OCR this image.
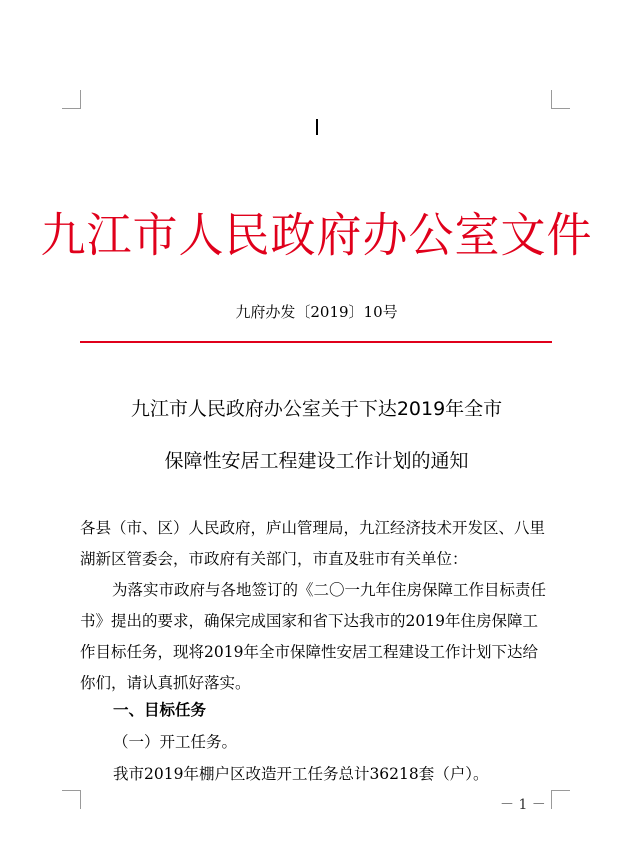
九江市人民政府办公室文件
九府办发〔2019〕10号
九江市人民政府办公室关于下达2019年全市
保障性安居工程建设工作计划的通知

各县（市、区）人民政府，庐山管理局，九江经济技术开发区、八里湖新区管委会，市政府有关部门，市直及驻市有关单位：

为落实市政府与各地签订的《二〇一九年住房保障工作目标责任书》提出的要求，确保完成国家和省下达我市的2019年住房保障工作目标任务，现将2019年全市保障性安居工程建设工作计划下达给你们，请认真抓好落实。

一、目标任务
（一）开工任务。
我市2019年棚户区改造开工任务总计36218套（户）。
－ 1 －
